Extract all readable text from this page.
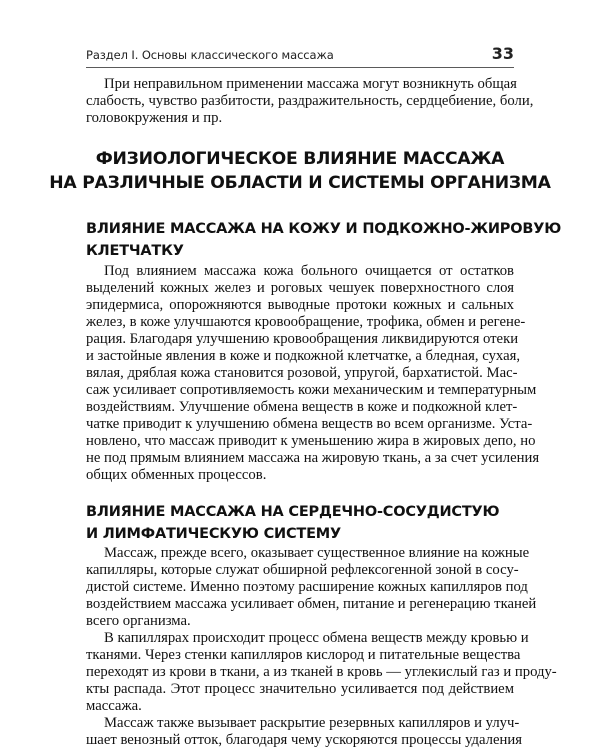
Раздел I. Основы классического массажа	33
При неправильном применении массажа могут возникнуть общая
слабость, чувство разбитости, раздражительность, сердцебиение, боли,
головокружения и пр.
ФИЗИОЛОГИЧЕСКОЕ ВЛИЯНИЕ МАССАЖА
НА РАЗЛИЧНЫЕ ОБЛАСТИ И СИСТЕМЫ ОРГАНИЗМА
ВЛИЯНИЕ МАССАЖА НА КОЖУ И ПОДКОЖНО-ЖИРОВУЮ
КЛЕТЧАТКУ
Под влиянием массажа кожа больного очищается от остатков
выделений кожных желез и роговых чешуек поверхностного слоя
эпидермиса, опорожняются выводные протоки кожных и сальных
желез, в коже улучшаются кровообращение, трофика, обмен и регене-
рация. Благодаря улучшению кровообращения ликвидируются отеки
и застойные явления в коже и подкожной клетчатке, а бледная, сухая,
вялая, дряблая кожа становится розовой, упругой, бархатистой. Мас-
саж усиливает сопротивляемость кожи механическим и температурным
воздействиям. Улучшение обмена веществ в коже и подкожной клет-
чатке приводит к улучшению обмена веществ во всем организме. Уста-
новлено, что массаж приводит к уменьшению жира в жировых депо, но
не под прямым влиянием массажа на жировую ткань, а за счет усиления
общих обменных процессов.
ВЛИЯНИЕ МАССАЖА НА СЕРДЕЧНО-СОСУДИСТУЮ
И ЛИМФАТИЧЕСКУЮ СИСТЕМУ
Массаж, прежде всего, оказывает существенное влияние на кожные
капилляры, которые служат обширной рефлексогенной зоной в сосу-
дистой системе. Именно поэтому расширение кожных капилляров под
воздействием массажа усиливает обмен, питание и регенерацию тканей
всего организма.
В капиллярах происходит процесс обмена веществ между кровью и
тканями. Через стенки капилляров кислород и питательные вещества
переходят из крови в ткани, а из тканей в кровь — углекислый газ и проду-
кты распада. Этот процесс значительно усиливается под действием
массажа.
Массаж также вызывает раскрытие резервных капилляров и улуч-
шает венозный отток, благодаря чему ускоряются процессы удаления
